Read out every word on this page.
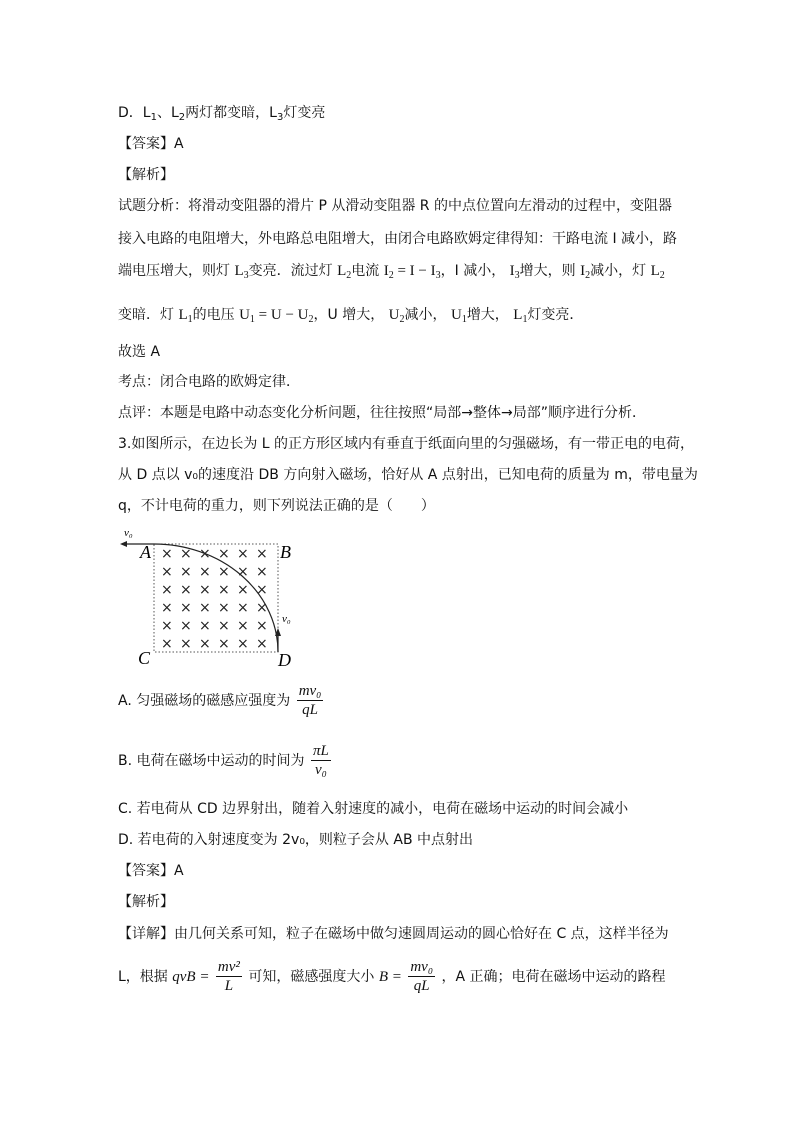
D．$L_1$、$L_2$两灯都变暗，$L_3$灯变亮
【答案】A
【解析】
试题分析：将滑动变阻器的滑片 P 从滑动变阻器 R 的中点位置向左滑动的过程中，变阻器
接入电路的电阻增大，外电路总电阻增大，由闭合电路欧姆定律得知：干路电流 I 减小，路
端电压增大，则灯 $L_3$变亮．流过灯 $L_2$电流 $I_2 = I - I_3$，I 减小， $I_3$增大，则 $I_2$减小，灯 $L_2$
变暗．灯 $L_1$的电压 $U_1 = U - U_2$，U 增大， $U_2$减小， $U_1$增大， $L_1$灯变亮．
故选 A
考点：闭合电路的欧姆定律．
点评：本题是电路中动态变化分析问题，往往按照“局部→整体→局部”顺序进行分析．
3.如图所示，在边长为 L 的正方形区域内有垂直于纸面向里的匀强磁场，有一带正电的电荷，
从 D 点以 v₀的速度沿 DB 方向射入磁场，恰好从 A 点射出，已知电荷的质量为 m，带电量为
q，不计电荷的重力，则下列说法正确的是（　　）
× × × × × ×
× × × × × ×
× × × × × ×
× × × × × ×
× × × × × ×
× × × × × ×
v₀
v₀
A	B
C	D
A. 匀强磁场的磁感应强度为 $\frac{\text{mv₀}}{qL}$
B. 电荷在磁场中运动的时间为 $\frac{\pi L}{\text{v₀}}$
C. 若电荷从 CD 边界射出，随着入射速度的减小，电荷在磁场中运动的时间会减小
D. 若电荷的入射速度变为 2v₀，则粒子会从 AB 中点射出
【答案】A
【解析】
【详解】由几何关系可知，粒子在磁场中做匀速圆周运动的圆心恰好在 C 点，这样半径为
L，根据 qvB = $\frac{\text{mv²}}{L}$ 可知，磁感强度大小 $B = \frac{\text{mv₀}}{qL}$ ，A 正确；电荷在磁场中运动的路程
